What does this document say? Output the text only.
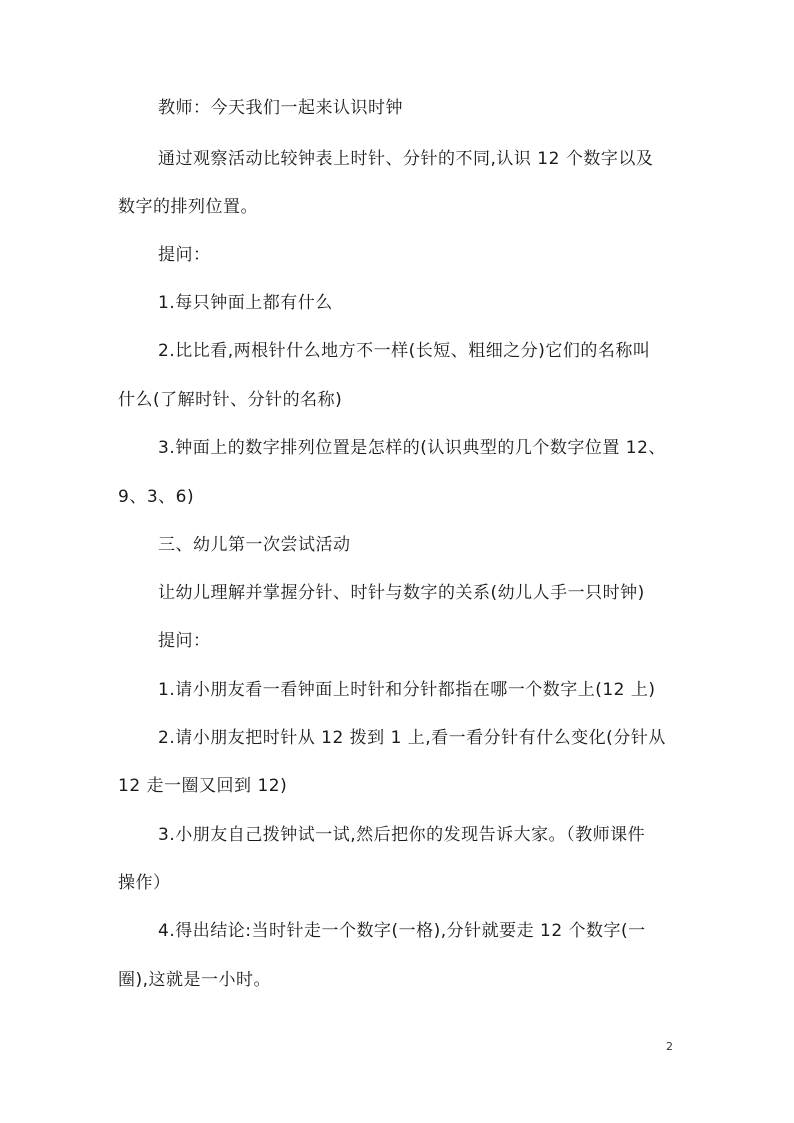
教师：今天我们一起来认识时钟
通过观察活动比较钟表上时针、分针的不同,认识 12 个数字以及
数字的排列位置。
提问：
1.每只钟面上都有什么
2.比比看,两根针什么地方不一样(长短、粗细之分)它们的名称叫
什么(了解时针、分针的名称)
3.钟面上的数字排列位置是怎样的(认识典型的几个数字位置 12、
9、3、6)
三、幼儿第一次尝试活动
让幼儿理解并掌握分针、时针与数字的关系(幼儿人手一只时钟)
提问：
1.请小朋友看一看钟面上时针和分针都指在哪一个数字上(12 上)
2.请小朋友把时针从 12 拨到 1 上,看一看分针有什么变化(分针从
12 走一圈又回到 12)
3.小朋友自己拨钟试一试,然后把你的发现告诉大家。（教师课件
操作）
4.得出结论:当时针走一个数字(一格),分针就要走 12 个数字(一
圈),这就是一小时。
2
